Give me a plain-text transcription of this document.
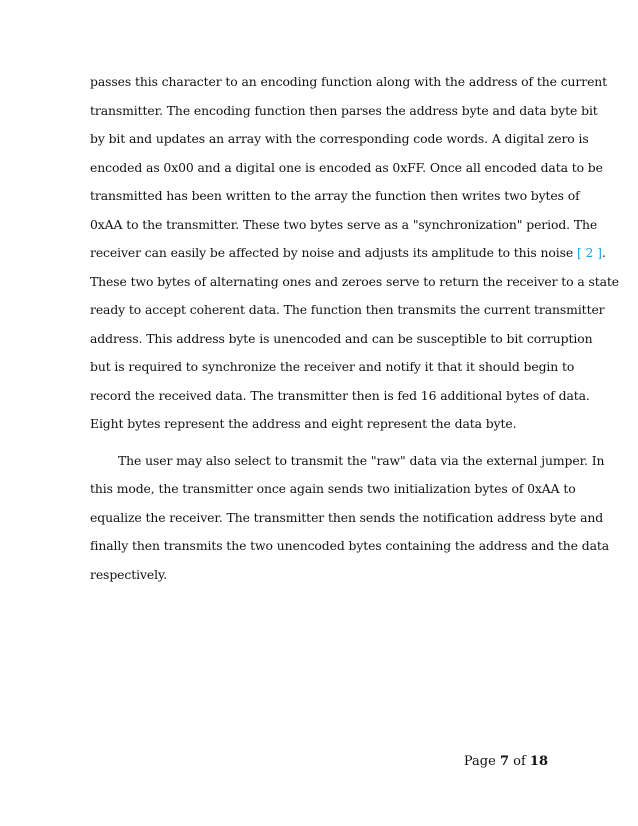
passes this character to an encoding function along with the address of the current
transmitter. The encoding function then parses the address byte and data byte bit
by bit and updates an array with the corresponding code words. A digital zero is
encoded as 0x00 and a digital one is encoded as 0xFF. Once all encoded data to be
transmitted has been written to the array the function then writes two bytes of
0xAA to the transmitter. These two bytes serve as a "synchronization" period. The
receiver can easily be affected by noise and adjusts its amplitude to this noise [ 2 ].
These two bytes of alternating ones and zeroes serve to return the receiver to a state
ready to accept coherent data. The function then transmits the current transmitter
address. This address byte is unencoded and can be susceptible to bit corruption
but is required to synchronize the receiver and notify it that it should begin to
record the received data. The transmitter then is fed 16 additional bytes of data.
Eight bytes represent the address and eight represent the data byte.
The user may also select to transmit the "raw" data via the external jumper. In
this mode, the transmitter once again sends two initialization bytes of 0xAA to
equalize the receiver. The transmitter then sends the notification address byte and
finally then transmits the two unencoded bytes containing the address and the data
respectively.
Page 7 of 18
